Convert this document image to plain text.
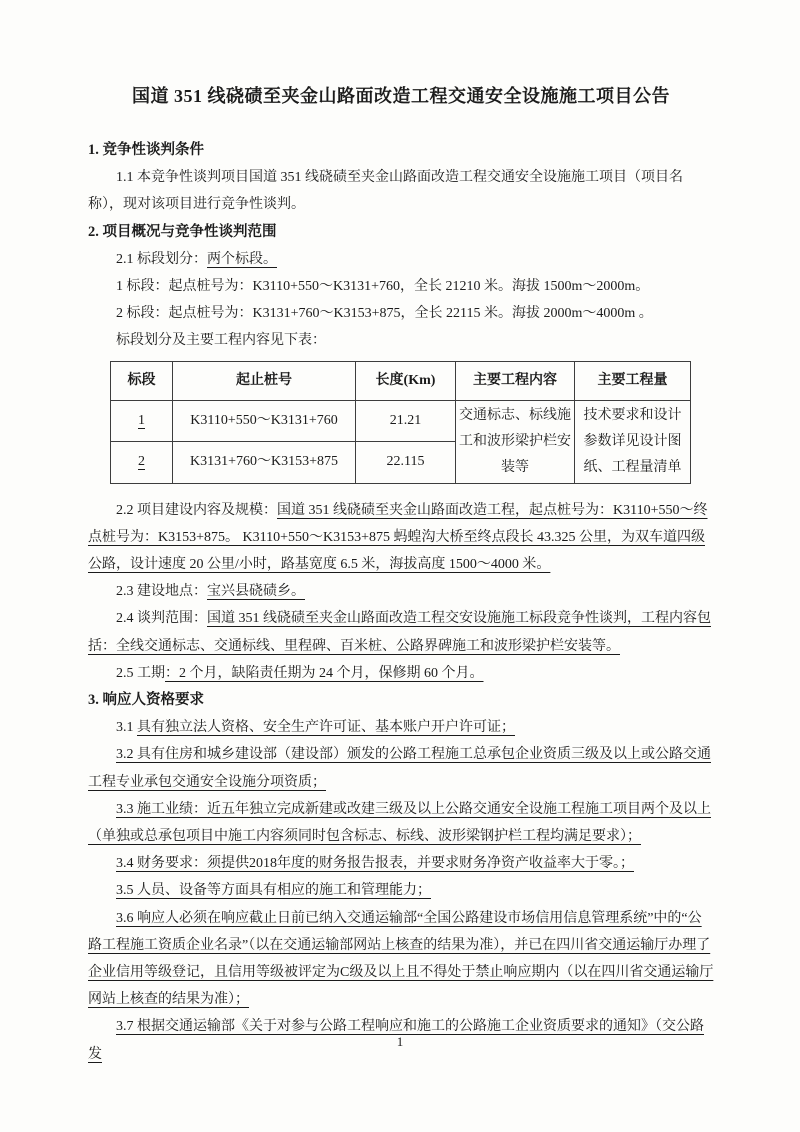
国道 351 线硗碛至夹金山路面改造工程交通安全设施施工项目公告

1. 竞争性谈判条件

1.1 本竞争性谈判项目国道 351 线硗碛至夹金山路面改造工程交通安全设施施工项目（项目名称），现对该项目进行竞争性谈判。

2. 项目概况与竞争性谈判范围

2.1 标段划分：两个标段。

1 标段：起点桩号为：K3110+550～K3131+760，全长 21210 米。海拔 1500m～2000m。

2 标段：起点桩号为：K3131+760～K3153+875，全长 22115 米。海拔 2000m～4000m 。

标段划分及主要工程内容见下表：

标段	起止桩号	长度(Km)	主要工程内容	主要工程量
1	K3110+550～K3131+760	21.21	交通标志、标线施工和波形梁护栏安装等	技术要求和设计参数详见设计图纸、工程量清单
2	K3131+760～K3153+875	22.115		

2.2 项目建设内容及规模：国道 351 线硗碛至夹金山路面改造工程，起点桩号为：K3110+550～终点桩号为：K3153+875。 K3110+550～K3153+875 蚂蝗沟大桥至终点段长 43.325 公里，为双车道四级公路，设计速度 20 公里/小时，路基宽度 6.5 米，海拔高度 1500～4000 米。

2.3 建设地点：宝兴县硗碛乡。

2.4 谈判范围：国道 351 线硗碛至夹金山路面改造工程交安设施施工标段竞争性谈判，工程内容包括：全线交通标志、交通标线、里程碑、百米桩、公路界碑施工和波形梁护栏安装等。

2.5 工期：2 个月，缺陷责任期为 24 个月，保修期 60 个月。

3. 响应人资格要求

3.1 具有独立法人资格、安全生产许可证、基本账户开户许可证；

3.2 具有住房和城乡建设部（建设部）颁发的公路工程施工总承包企业资质三级及以上或公路交通工程专业承包交通安全设施分项资质；

3.3 施工业绩：近五年独立完成新建或改建三级及以上公路交通安全设施工程施工项目两个及以上（单独或总承包项目中施工内容须同时包含标志、标线、波形梁钢护栏工程均满足要求）；

3.4 财务要求：须提供2018年度的财务报告报表，并要求财务净资产收益率大于零。；

3.5 人员、设备等方面具有相应的施工和管理能力；

3.6 响应人必须在响应截止日前已纳入交通运输部“全国公路建设市场信用信息管理系统”中的“公路工程施工资质企业名录”（以在交通运输部网站上核查的结果为准），并已在四川省交通运输厅办理了企业信用等级登记，且信用等级被评定为C级及以上且不得处于禁止响应期内（以在四川省交通运输厅网站上核查的结果为准）；

3.7 根据交通运输部《关于对参与公路工程响应和施工的公路施工企业资质要求的通知》（交公路发

1
